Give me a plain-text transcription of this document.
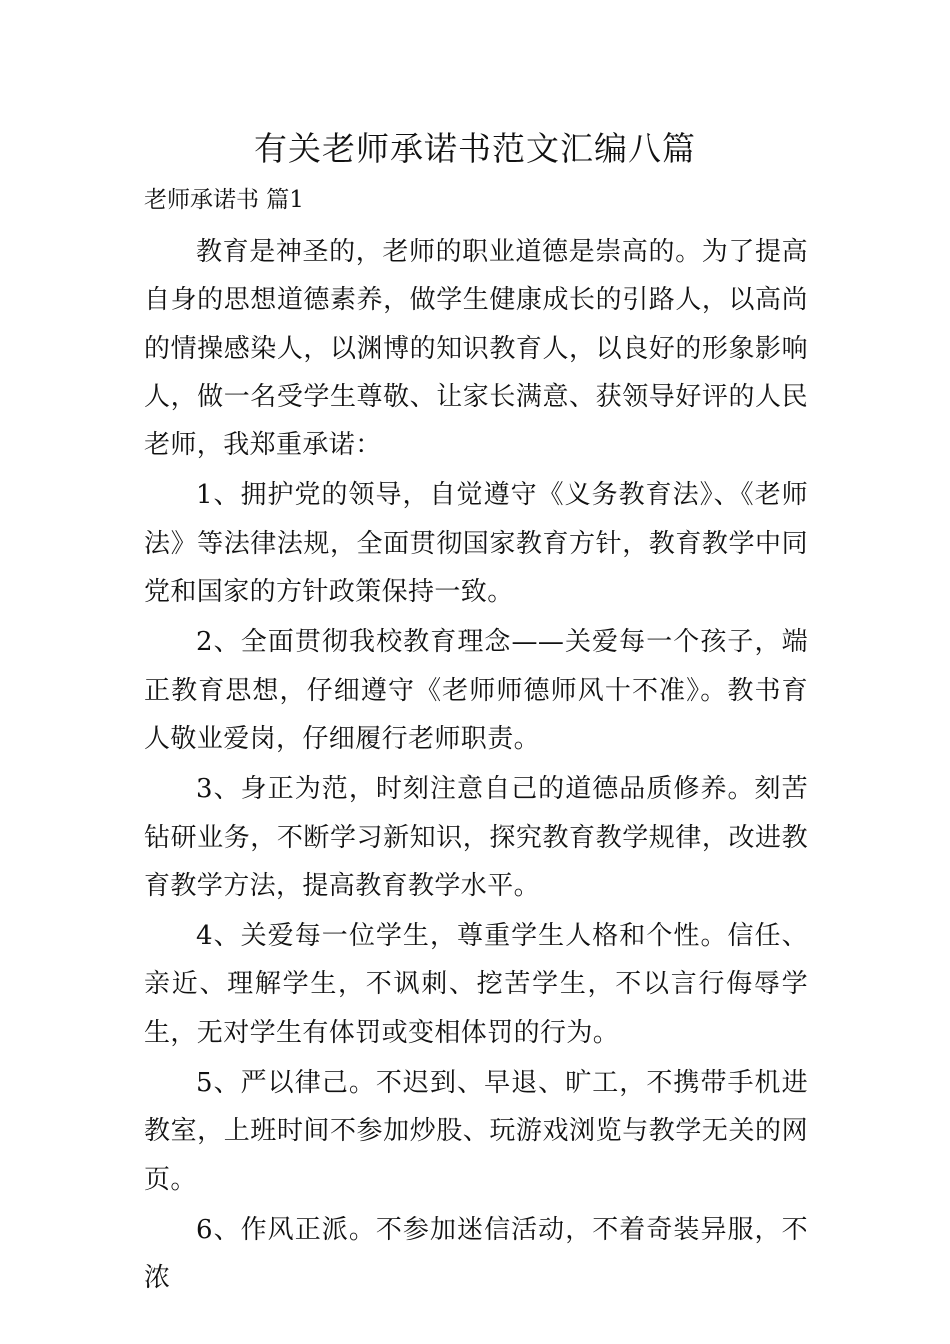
有关老师承诺书范文汇编八篇
老师承诺书 篇1

教育是神圣的，老师的职业道德是崇高的。为了提高自身的思想道德素养，做学生健康成长的引路人，以高尚的情操感染人，以渊博的知识教育人，以良好的形象影响人，做一名受学生尊敬、让家长满意、获领导好评的人民老师，我郑重承诺：

1、拥护党的领导，自觉遵守《义务教育法》、《老师法》等法律法规，全面贯彻国家教育方针，教育教学中同党和国家的方针政策保持一致。

2、全面贯彻我校教育理念——关爱每一个孩子，端正教育思想，仔细遵守《老师师德师风十不准》。教书育人敬业爱岗，仔细履行老师职责。

3、身正为范，时刻注意自己的道德品质修养。刻苦钻研业务，不断学习新知识，探究教育教学规律，改进教育教学方法，提高教育教学水平。

4、关爱每一位学生，尊重学生人格和个性。信任、亲近、理解学生，不讽刺、挖苦学生，不以言行侮辱学生，无对学生有体罚或变相体罚的行为。

5、严以律己。不迟到、早退、旷工，不携带手机进教室，上班时间不参加炒股、玩游戏浏览与教学无关的网页。

6、作风正派。不参加迷信活动，不着奇装异服，不浓
